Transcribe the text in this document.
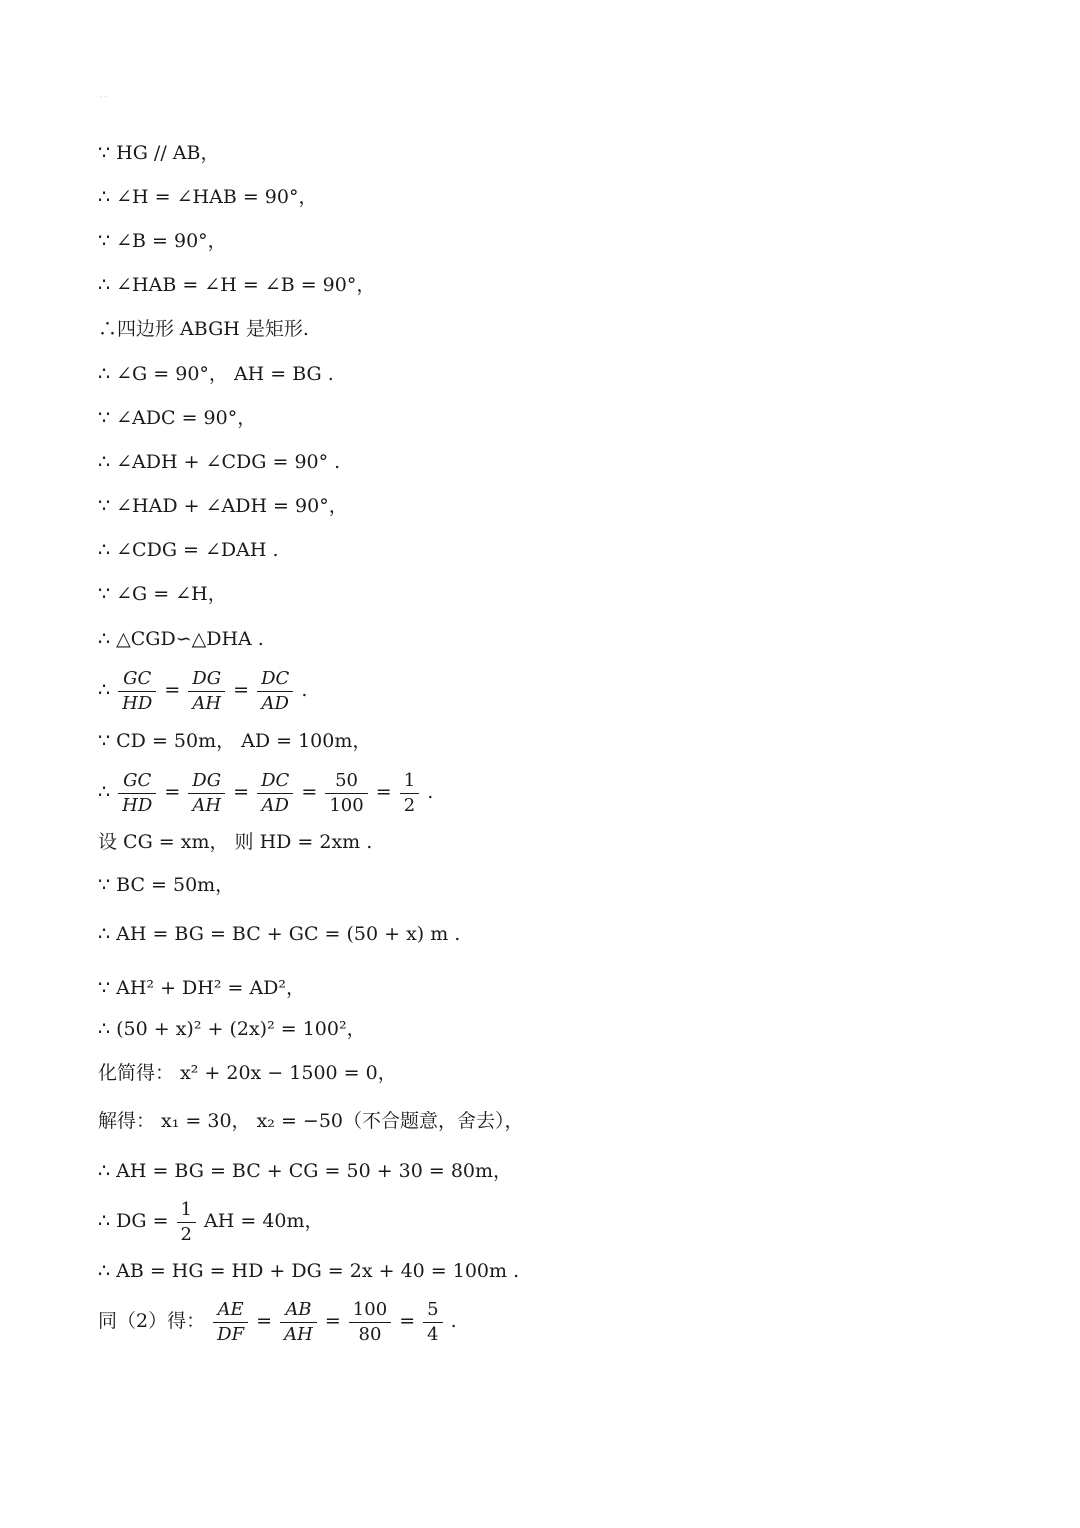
· ·
∵ HG // AB，
∴ ∠H = ∠HAB = 90°，
∵ ∠B = 90°，
∴ ∠HAB = ∠H = ∠B = 90°，
∴四边形 ABGH 是矩形.
∴ ∠G = 90°， AH = BG .
∵ ∠ADC = 90°，
∴ ∠ADH + ∠CDG = 90° .
∵ ∠HAD + ∠ADH = 90°，
∴ ∠CDG = ∠DAH .
∵ ∠G = ∠H，
∴ △CGD∽△DHA .
∴ $\frac{GC}{HD} = \frac{DG}{AH} = \frac{DC}{AD}$ .
∵ CD = 50m， AD = 100m，
∴ $\frac{GC}{HD} = \frac{DG}{AH} = \frac{DC}{AD} = \frac{50}{100} = \frac{1}{2}$ .
设 CG = xm， 则 HD = 2xm .
∵ BC = 50m，
∴ AH = BG = BC + GC = (50 + x) m .
∵ AH² + DH² = AD²，
∴ (50 + x)² + (2x)² = 100²，
化简得： x² + 20x − 1500 = 0，
解得： x₁ = 30， x₂ = −50（不合题意，舍去），
∴ AH = BG = BC + CG = 50 + 30 = 80m，
∴ DG = $\frac{1}{2}$ AH = 40m，
∴ AB = HG = HD + DG = 2x + 40 = 100m .
同（2）得： $\frac{AE}{DF} = \frac{AB}{AH} = \frac{100}{80} = \frac{5}{4}$ .
